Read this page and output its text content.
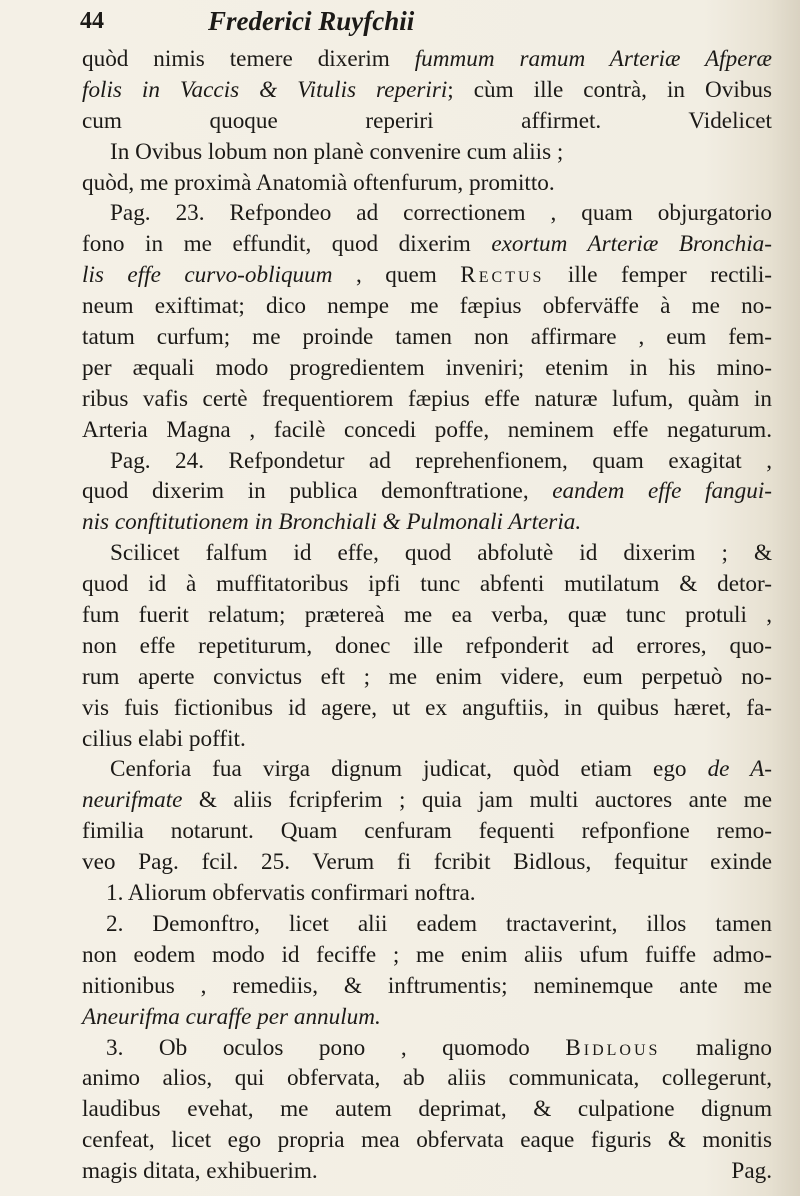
44	Frederici Ruyfchii
quòd nimis temere dixerim fummum ramum Arteriæ Afperæ
folis in Vaccis & Vitulis reperiri; cùm ille contrà, in Ovibus
cum quoque reperiri affirmet. Videlicet
In Ovibus lobum non planè convenire cum aliis ;
quòd, me proximà Anatomià oftenfurum, promitto.
Pag. 23. Refpondeo ad correctionem , quam objurgatorio
fono in me effundit, quod dixerim exortum Arteriæ Bronchia-
lis effe curvo-obliquum , quem Rectus ille femper rectili-
neum exiftimat; dico nempe me fæpius obferväffe à me no-
tatum curfum; me proinde tamen non affirmare , eum fem-
per æquali modo progredientem inveniri; etenim in his mino-
ribus vafis certè frequentiorem fæpius effe naturæ lufum, quàm in
Arteria Magna , facilè concedi poffe, neminem effe negaturum.
Pag. 24. Refpondetur ad reprehenfionem, quam exagitat ,
quod dixerim in publica demonftratione, eandem effe fangui-
nis conftitutionem in Bronchiali & Pulmonali Arteria.
Scilicet falfum id effe, quod abfolutè id dixerim ; &
quod id à muffitatoribus ipfi tunc abfenti mutilatum & detor-
fum fuerit relatum; prætereà me ea verba, quæ tunc protuli ,
non effe repetiturum, donec ille refponderit ad errores, quo-
rum aperte convictus eft ; me enim videre, eum perpetuò no-
vis fuis fictionibus id agere, ut ex anguftiis, in quibus hæret, fa-
cilius elabi poffit.
Cenforia fua virga dignum judicat, quòd etiam ego de A-
neurifmate & aliis fcripferim ; quia jam multi auctores ante me
fimilia notarunt. Quam cenfuram fequenti refponfione remo-
veo Pag. fcil. 25. Verum fi fcribit Bidlous, fequitur exinde
1. Aliorum obfervatis confirmari noftra.
2. Demonftro, licet alii eadem tractaverint, illos tamen
non eodem modo id feciffe ; me enim aliis ufum fuiffe admo-
nitionibus , remediis, & inftrumentis; neminemque ante me
Aneurifma curaffe per annulum.
3. Ob oculos pono , quomodo Bidlous maligno
animo alios, qui obfervata, ab aliis communicata, collegerunt,
laudibus evehat, me autem deprimat, & culpatione dignum
cenfeat, licet ego propria mea obfervata eaque figuris & monitis
magis ditata, exhibuerim.	Pag.
